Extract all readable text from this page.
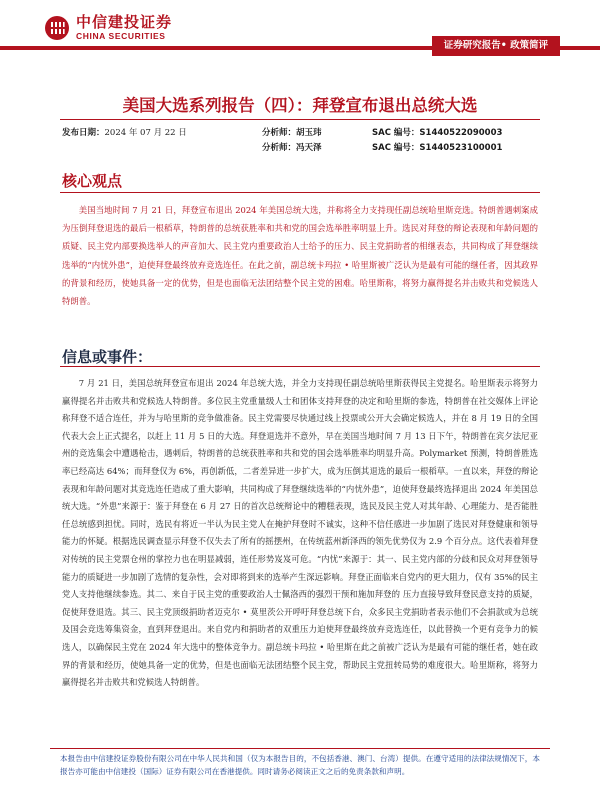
中信建投证券
CHINA SECURITIES
证券研究报告• 政策简评
美国大选系列报告（四）：拜登宣布退出总统大选
发布日期：2024 年 07 月 22 日	分析师：胡玉玮	SAC 编号：S1440522090003
分析师：冯天泽	SAC 编号：S1440523100001
核心观点
美国当地时间 7 月 21 日，拜登宣布退出 2024 年美国总统大选，并称将全力支持现任副总统哈里斯竞选。特朗普遇刺案成为压倒拜登退选的最后一根稻草，特朗普的总统获胜率和共和党的国会选举胜率明显上升。选民对拜登的辩论表现和年龄问题的质疑、民主党内部要换选举人的声音加大、民主党内重要政治人士给予的压力、民主党捐助者的相继表态，共同构成了拜登继续选举的“内忧外患”，迫使拜登最终放弃竞选连任。在此之前，副总统卡玛拉 • 哈里斯被广泛认为是最有可能的继任者，因其政界的背景和经历，使她具备一定的优势，但是也面临无法团结整个民主党的困难。哈里斯称，将努力赢得提名并击败共和党候选人特朗普。
信息或事件：
7 月 21 日，美国总统拜登宣布退出 2024 年总统大选，并全力支持现任副总统哈里斯获得民主党提名。哈里斯表示将努力赢得提名并击败共和党候选人特朗普。多位民主党重量级人士和团体支持拜登的决定和哈里斯的参选，特朗普在社交媒体上评论称拜登不适合连任，并为与哈里斯的竞争做准备。民主党需要尽快通过线上投票或公开大会确定候选人，并在 8 月 19 日的全国代表大会上正式提名，以赶上 11 月 5 日的大选。拜登退选并不意外，早在美国当地时间 7 月 13 日下午，特朗普在宾夕法尼亚州的竞选集会中遭遇枪击，遇刺后，特朗普的总统获胜率和共和党的国会选举胜率均明显升高。Polymarket 预测，特朗普胜选率已经高达 64%；而拜登仅为 6%，再创新低，二者差异进一步扩大，成为压倒其退选的最后一根稻草。一直以来，拜登的辩论表现和年龄问题对其竞选连任造成了重大影响，共同构成了拜登继续选举的“内忧外患”，迫使拜登最终选择退出 2024 年美国总统大选。“外患”来源于：鉴于拜登在 6 月 27 日的首次总统辩论中的糟糕表现，选民及民主党人对其年龄、心理能力、是否能胜任总统感到担忧。同时，选民有将近一半认为民主党人在掩护拜登时不诚实，这种不信任感进一步加剧了选民对拜登健康和领导能力的怀疑。根据选民调查显示拜登不仅失去了所有的摇摆州，在传统蓝州新泽西的领先优势仅为 2.9 个百分点。这代表着拜登对传统的民主党票仓州的掌控力也在明显减弱，连任形势岌岌可危。“内忧”来源于：其一、民主党内部的分歧和民众对拜登领导能力的质疑进一步加剧了选情的复杂性，会对即将到来的选举产生深远影响。拜登正面临来自党内的更大阻力，仅有 35%的民主党人支持他继续参选。其二、来自于民主党的重要政治人士佩洛西的强烈干预和施加拜登的 压力直接导致拜登民意支持的质疑，促使拜登退选。其三、民主党顶级捐助者迈克尔 • 莫里茨公开呼吁拜登总统下台，众多民主党捐助者表示他们不会捐款或为总统及国会竞选筹集资金，直到拜登退出。来自党内和捐助者的双重压力迫使拜登最终放弃竞选连任，以此替换一个更有竞争力的候选人，以确保民主党在 2024 年大选中的整体竞争力。副总统卡玛拉 • 哈里斯在此之前被广泛认为是最有可能的继任者，她在政界的背景和经历，使她具备一定的优势，但是也面临无法团结整个民主党，帮助民主党扭转局势的难度很大。哈里斯称，将努力赢得提名并击败共和党候选人特朗普。
本报告由中信建投证券股份有限公司在中华人民共和国（仅为本报告目的，不包括香港、澳门、台湾）提供。在遵守适用的法律法规情况下，本报告亦可能由中信建投（国际）证券有限公司在香港提供。同时请务必阅读正文之后的免责条款和声明。
